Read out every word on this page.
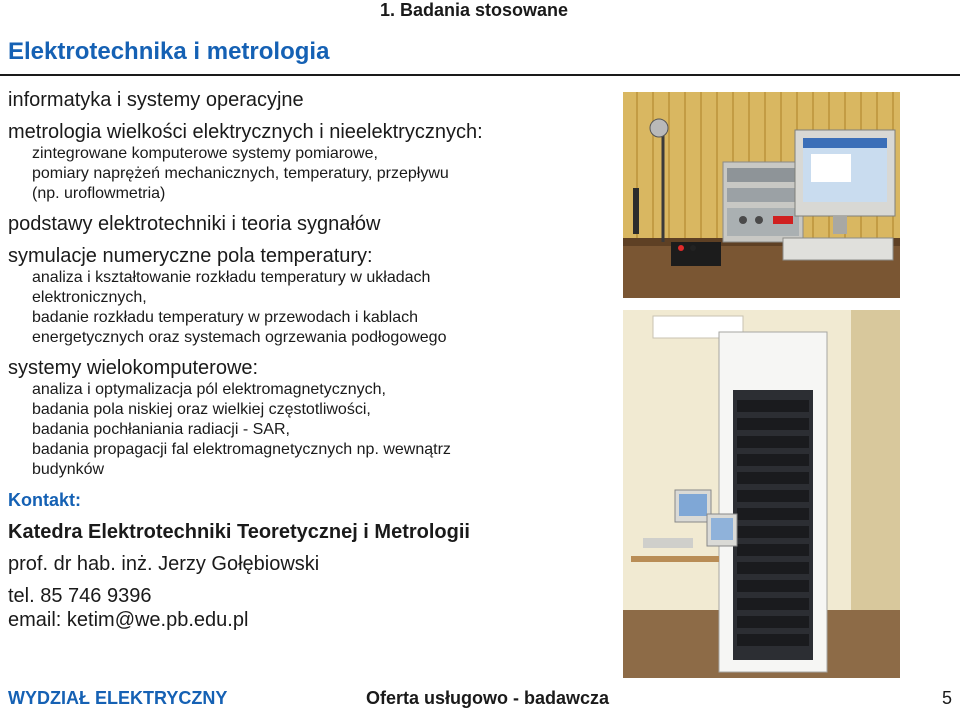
1. Badania stosowane
Elektrotechnika i metrologia
informatyka i systemy operacyjne
metrologia wielkości elektrycznych i nieelektrycznych:
zintegrowane komputerowe systemy pomiarowe,
pomiary naprężeń mechanicznych, temperatury, przepływu
(np. uroflowmetria)
podstawy elektrotechniki i teoria sygnałów
symulacje numeryczne pola temperatury:
analiza i kształtowanie rozkładu temperatury w układach
elektronicznych,
badanie rozkładu temperatury w przewodach i kablach
energetycznych oraz systemach ogrzewania podłogowego
systemy wielokomputerowe:
analiza i optymalizacja pól elektromagnetycznych,
badania pola niskiej oraz wielkiej częstotliwości,
badania pochłaniania radiacji - SAR,
badania propagacji fal elektromagnetycznych np. wewnątrz
budynków
Kontakt:
Katedra Elektrotechniki Teoretycznej i Metrologii
prof. dr hab. inż. Jerzy Gołębiowski
tel. 85 746 9396
email: ketim@we.pb.edu.pl
WYDZIAŁ ELEKTRYCZNY	Oferta usługowo - badawcza	5
